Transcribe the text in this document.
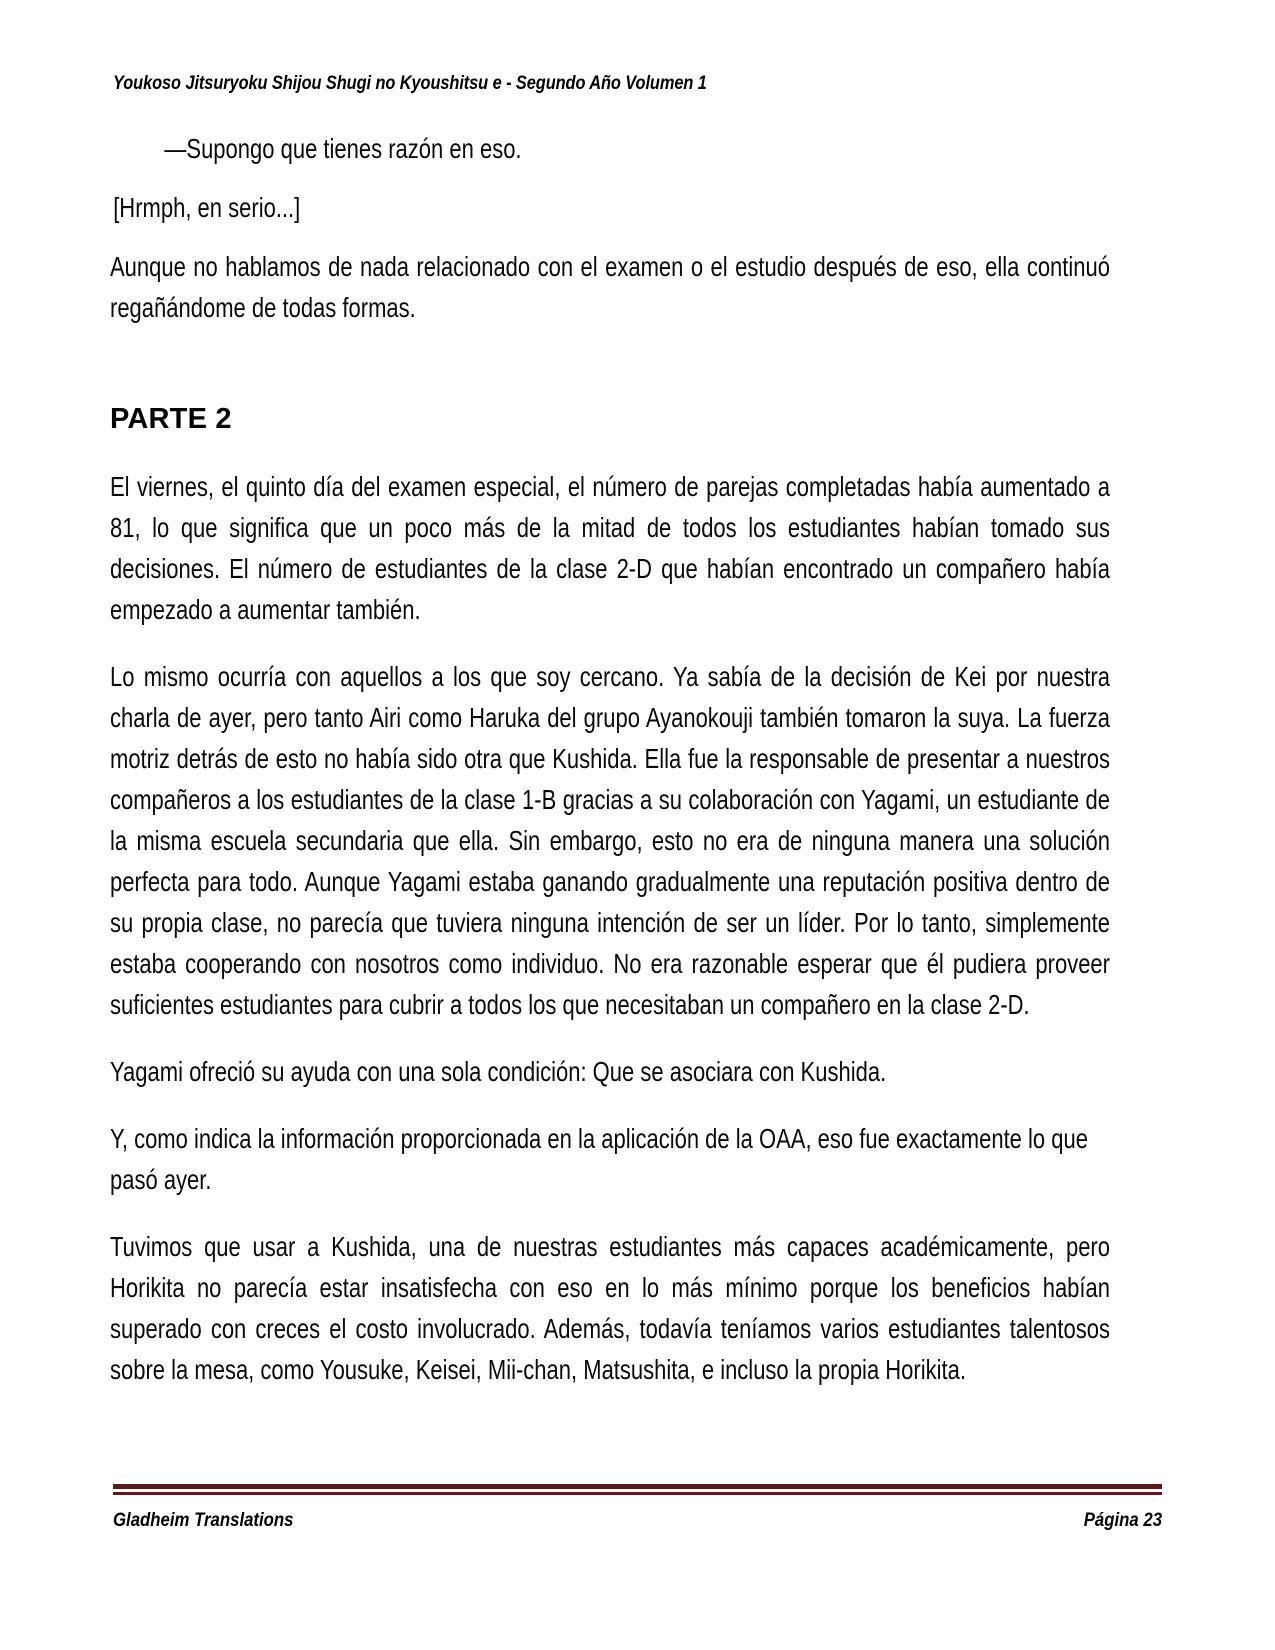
Youkoso Jitsuryoku Shijou Shugi no Kyoushitsu e - Segundo Año Volumen 1

—Supongo que tienes razón en eso.

[Hrmph, en serio...]

Aunque no hablamos de nada relacionado con el examen o el estudio después de eso, ella continuó regañándome de todas formas.

PARTE 2

El viernes, el quinto día del examen especial, el número de parejas completadas había aumentado a 81, lo que significa que un poco más de la mitad de todos los estudiantes habían tomado sus decisiones. El número de estudiantes de la clase 2-D que habían encontrado un compañero había empezado a aumentar también.

Lo mismo ocurría con aquellos a los que soy cercano. Ya sabía de la decisión de Kei por nuestra charla de ayer, pero tanto Airi como Haruka del grupo Ayanokouji también tomaron la suya. La fuerza motriz detrás de esto no había sido otra que Kushida. Ella fue la responsable de presentar a nuestros compañeros a los estudiantes de la clase 1-B gracias a su colaboración con Yagami, un estudiante de la misma escuela secundaria que ella. Sin embargo, esto no era de ninguna manera una solución perfecta para todo. Aunque Yagami estaba ganando gradualmente una reputación positiva dentro de su propia clase, no parecía que tuviera ninguna intención de ser un líder. Por lo tanto, simplemente estaba cooperando con nosotros como individuo. No era razonable esperar que él pudiera proveer suficientes estudiantes para cubrir a todos los que necesitaban un compañero en la clase 2-D.

Yagami ofreció su ayuda con una sola condición: Que se asociara con Kushida.

Y, como indica la información proporcionada en la aplicación de la OAA, eso fue exactamente lo que pasó ayer.

Tuvimos que usar a Kushida, una de nuestras estudiantes más capaces académicamente, pero Horikita no parecía estar insatisfecha con eso en lo más mínimo porque los beneficios habían superado con creces el costo involucrado. Además, todavía teníamos varios estudiantes talentosos sobre la mesa, como Yousuke, Keisei, Mii-chan, Matsushita, e incluso la propia Horikita.

Gladheim Translations	Página 23
